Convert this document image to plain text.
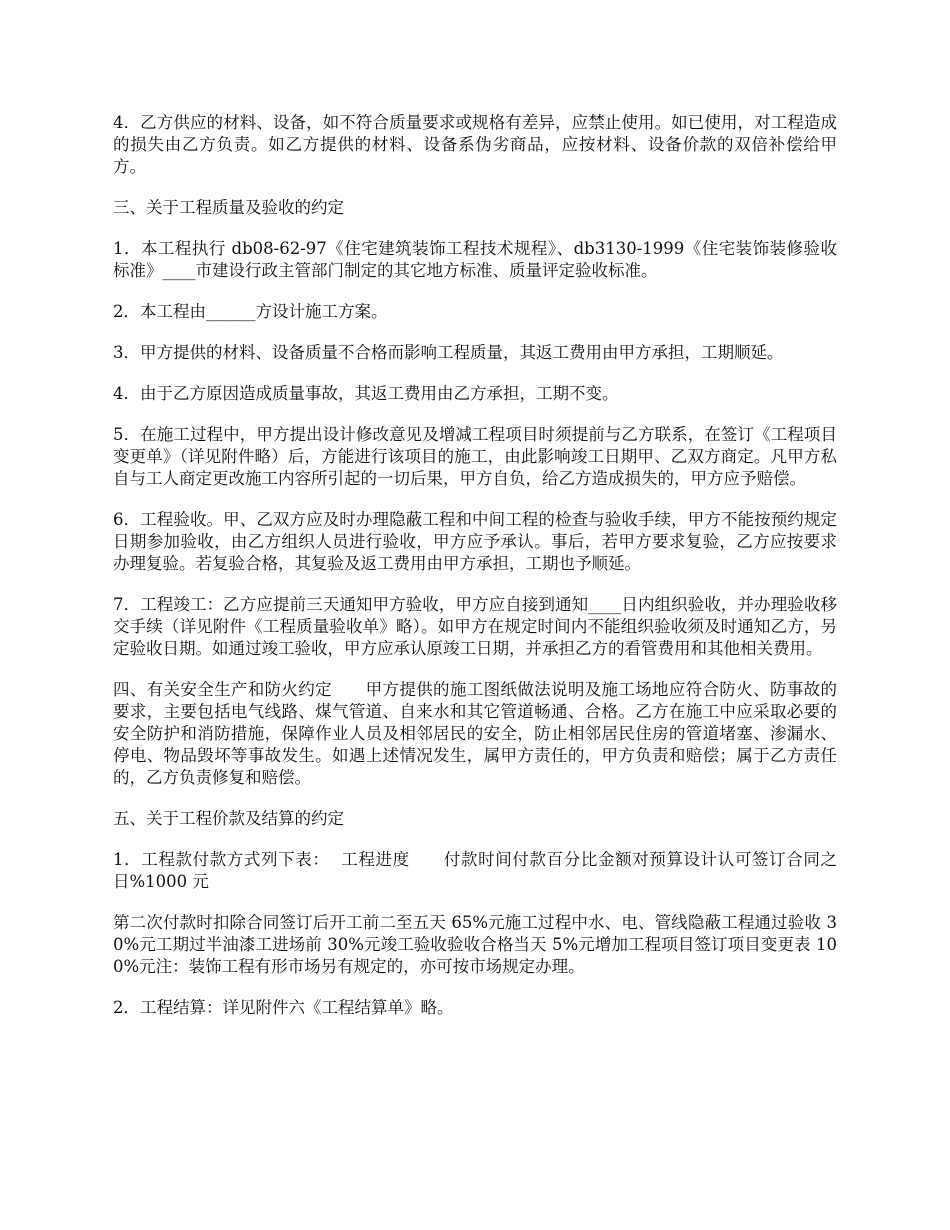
4．乙方供应的材料、设备，如不符合质量要求或规格有差异，应禁止使用。如已使用，对工程造成的损失由乙方负责。如乙方提供的材料、设备系伪劣商品，应按材料、设备价款的双倍补偿给甲方。

三、关于工程质量及验收的约定

1．本工程执行 db08-62-97《住宅建筑装饰工程技术规程》、db3130-1999《住宅装饰装修验收标准》____市建设行政主管部门制定的其它地方标准、质量评定验收标准。

2．本工程由______方设计施工方案。

3．甲方提供的材料、设备质量不合格而影响工程质量，其返工费用由甲方承担，工期顺延。

4．由于乙方原因造成质量事故，其返工费用由乙方承担，工期不变。

5．在施工过程中，甲方提出设计修改意见及增减工程项目时须提前与乙方联系，在签订《工程项目变更单》（详见附件略）后，方能进行该项目的施工，由此影响竣工日期甲、乙双方商定。凡甲方私自与工人商定更改施工内容所引起的一切后果，甲方自负，给乙方造成损失的，甲方应予赔偿。

6．工程验收。甲、乙双方应及时办理隐蔽工程和中间工程的检查与验收手续，甲方不能按预约规定日期参加验收，由乙方组织人员进行验收，甲方应予承认。事后，若甲方要求复验，乙方应按要求办理复验。若复验合格，其复验及返工费用由甲方承担，工期也予顺延。

7．工程竣工：乙方应提前三天通知甲方验收，甲方应自接到通知____日内组织验收，并办理验收移交手续（详见附件《工程质量验收单》略）。如甲方在规定时间内不能组织验收须及时通知乙方，另定验收日期。如通过竣工验收，甲方应承认原竣工日期，并承担乙方的看管费用和其他相关费用。

四、有关安全生产和防火约定　　甲方提供的施工图纸做法说明及施工场地应符合防火、防事故的要求，主要包括电气线路、煤气管道、自来水和其它管道畅通、合格。乙方在施工中应采取必要的安全防护和消防措施，保障作业人员及相邻居民的安全，防止相邻居民住房的管道堵塞、渗漏水、停电、物品毁坏等事故发生。如遇上述情况发生，属甲方责任的，甲方负责和赔偿；属于乙方责任的，乙方负责修复和赔偿。

五、关于工程价款及结算的约定

1．工程款付款方式列下表：  工程进度　　付款时间付款百分比金额对预算设计认可签订合同之日%1000 元

第二次付款时扣除合同签订后开工前二至五天 65%元施工过程中水、电、管线隐蔽工程通过验收 30%元工期过半油漆工进场前 30%元竣工验收验收合格当天 5%元增加工程项目签订项目变更表 100%元注：装饰工程有形市场另有规定的，亦可按市场规定办理。

2．工程结算：详见附件六《工程结算单》略。
